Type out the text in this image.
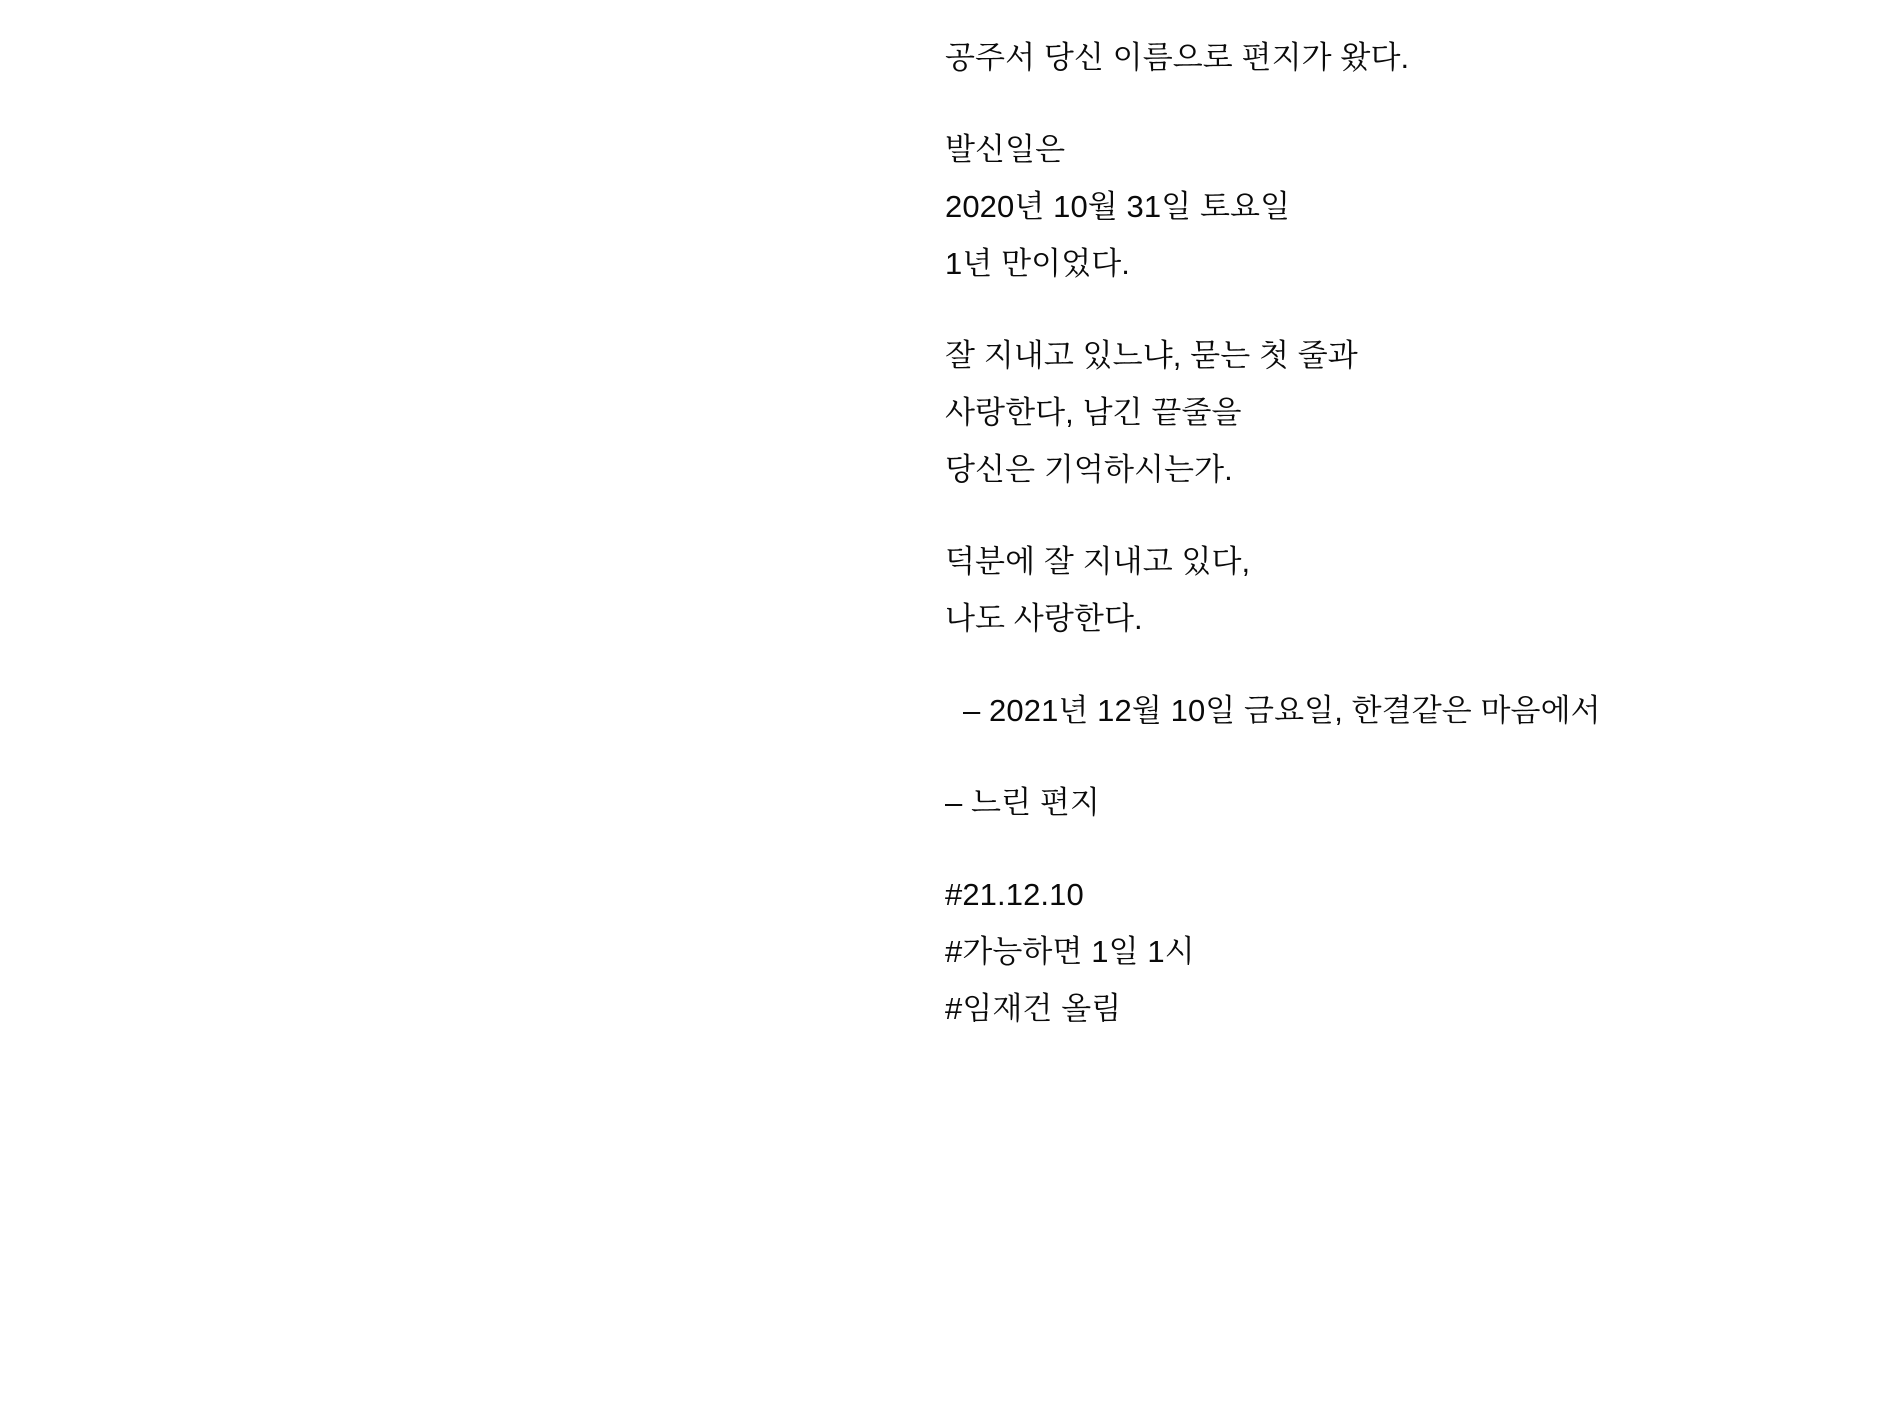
공주서 당신 이름으로 편지가 왔다.
발신일은
2020년 10월 31일 토요일
1년 만이었다.
잘 지내고 있느냐, 묻는 첫 줄과
사랑한다, 남긴 끝줄을
당신은 기억하시는가.
덕분에 잘 지내고 있다,
나도 사랑한다.
– 2021년 12월 10일 금요일, 한결같은 마음에서
– 느린 편지
#21.12.10
#가능하면 1일 1시
#임재건 올림
